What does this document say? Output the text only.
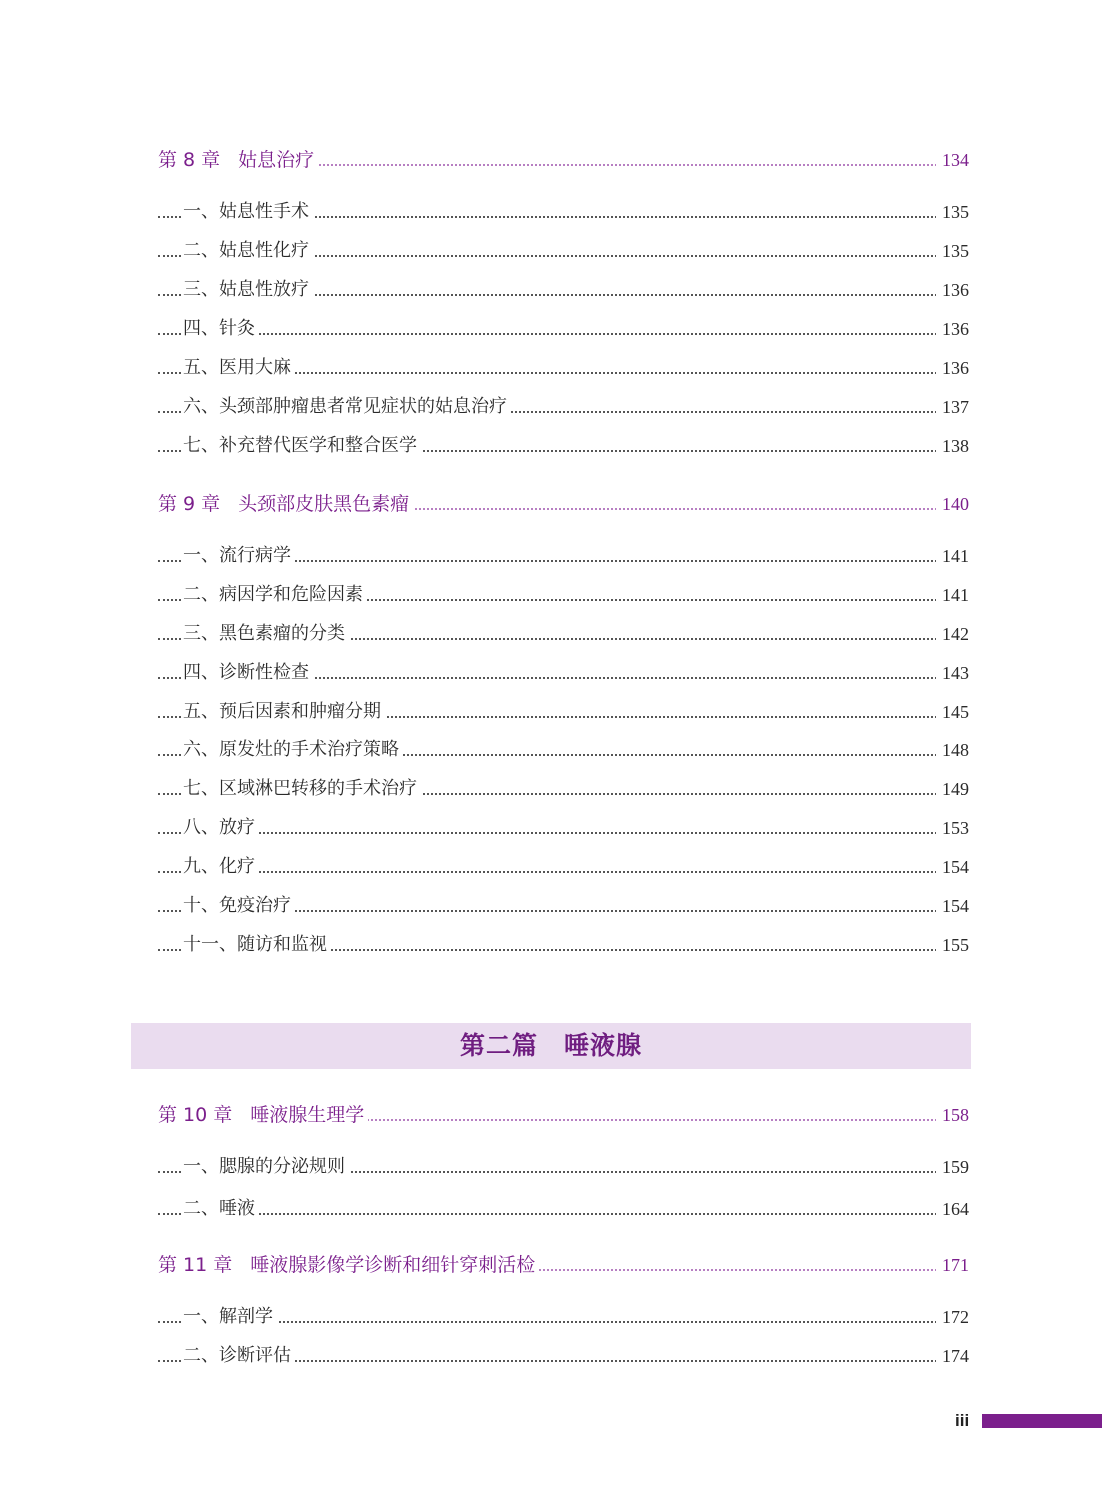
第 8 章 姑息治疗	134
一、姑息性手术	135
二、姑息性化疗	135
三、姑息性放疗	136
四、针灸	136
五、医用大麻	136
六、头颈部肿瘤患者常见症状的姑息治疗	137
七、补充替代医学和整合医学	138
第 9 章 头颈部皮肤黑色素瘤	140
一、流行病学	141
二、病因学和危险因素	141
三、黑色素瘤的分类	142
四、诊断性检查	143
五、预后因素和肿瘤分期	145
六、原发灶的手术治疗策略	148
七、区域淋巴转移的手术治疗	149
八、放疗	153
九、化疗	154
十、免疫治疗	154
十一、随访和监视	155
第 10 章 唾液腺生理学	158
一、腮腺的分泌规则	159
二、唾液	164
第 11 章 唾液腺影像学诊断和细针穿刺活检	171
一、解剖学	172
二、诊断评估	174
第二篇　唾液腺
iii
